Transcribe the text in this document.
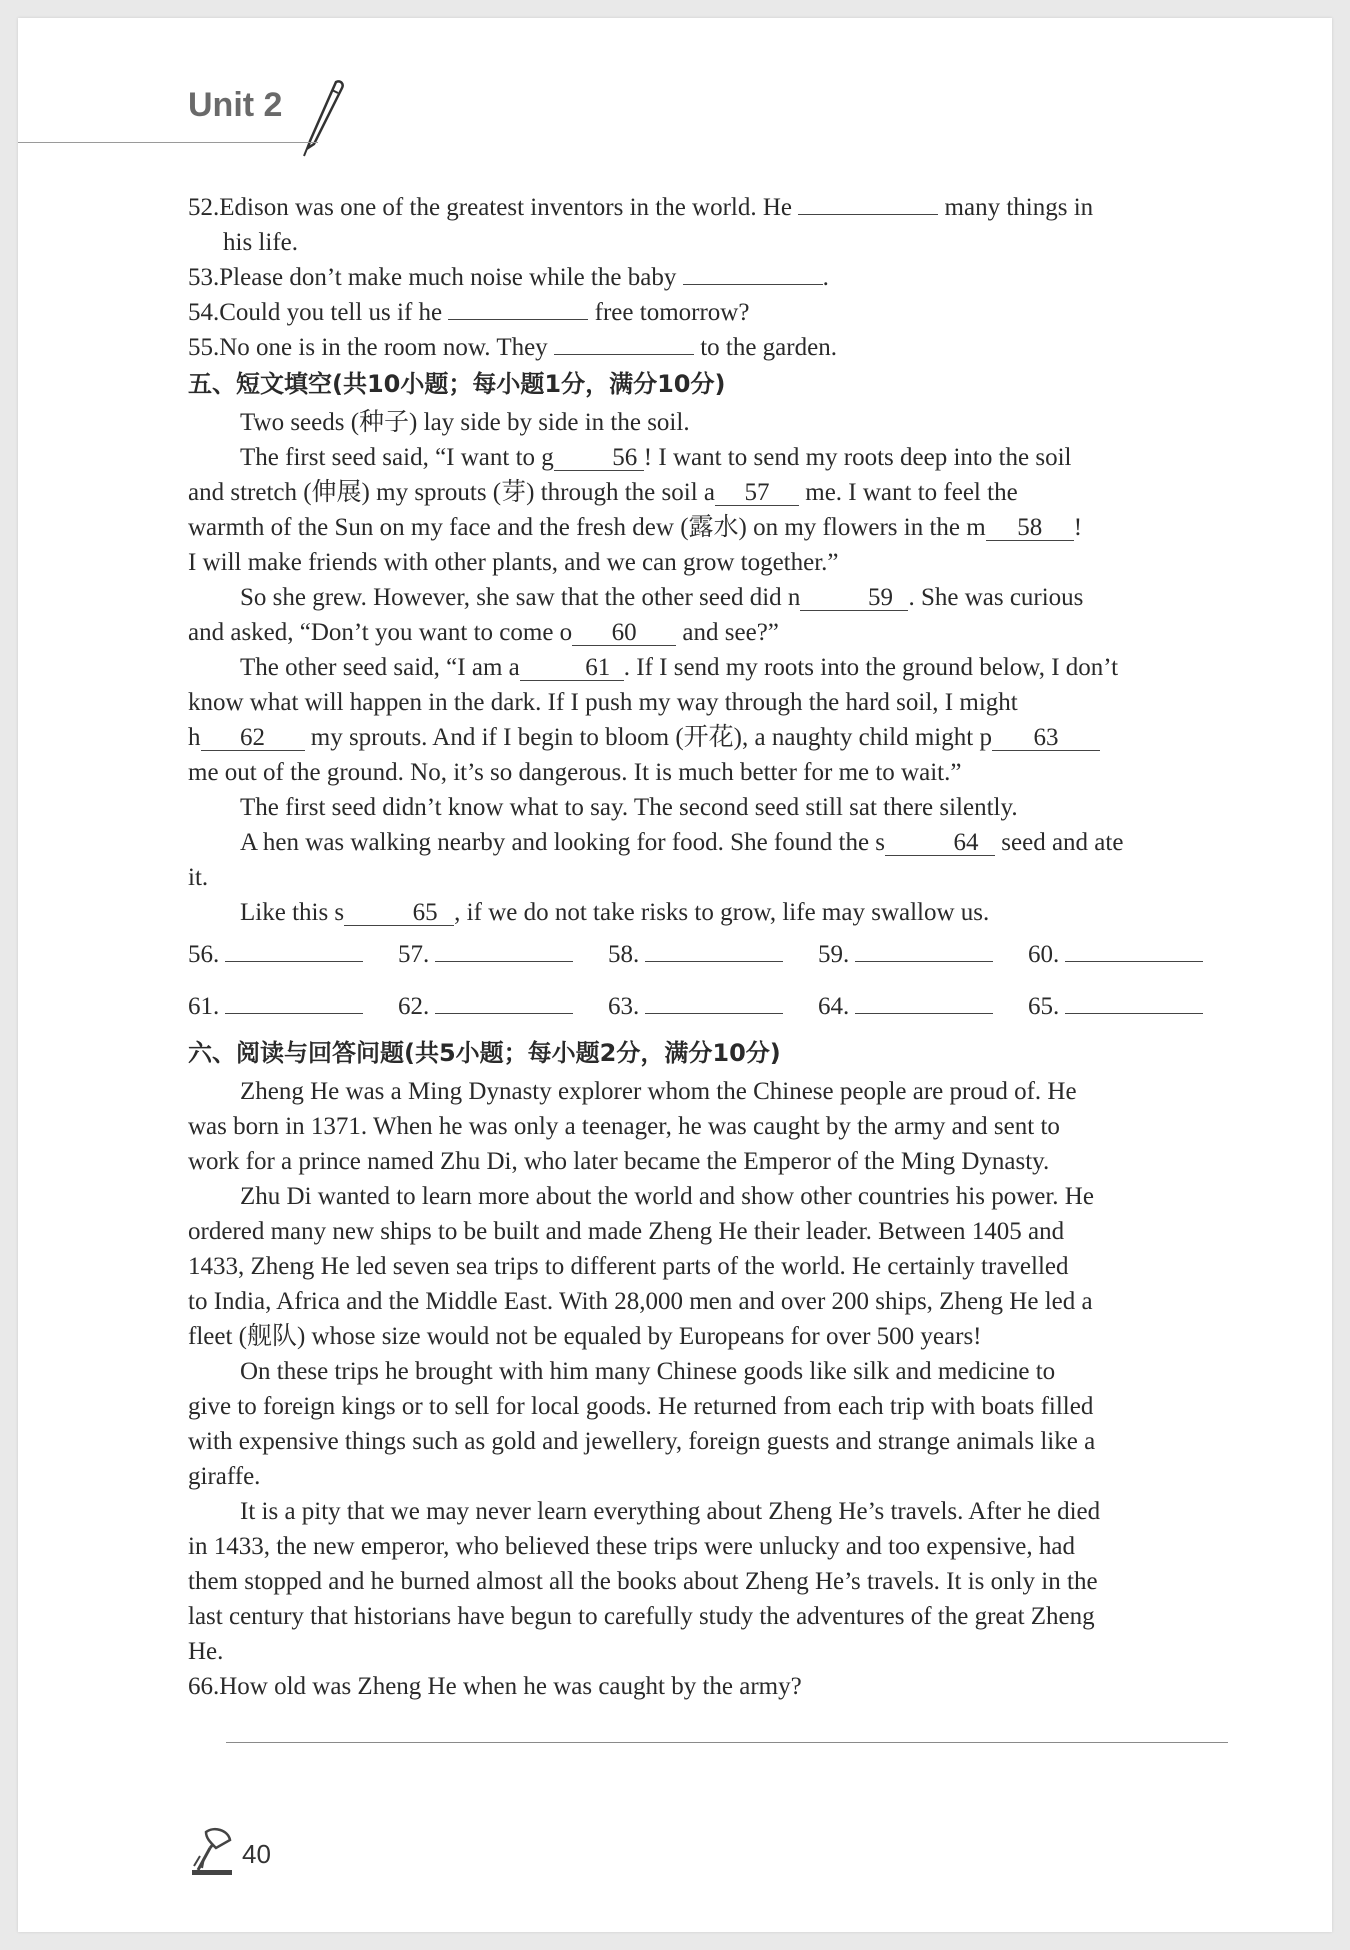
Unit 2
52.Edison was one of the greatest inventors in the world. He	many things in
his life.
53.Please don’t make much noise while the baby	.
54.Could you tell us if he	free tomorrow?
55.No one is in the room now. They	to the garden.
五、短文填空(共10小题；每小题1分，满分10分)
Two seeds (种子) lay side by side in the soil.
The first seed said, “I want to g 56 ! I want to send my roots deep into the soil
and stretch (伸展) my sprouts (芽) through the soil a 57 me. I want to feel the
warmth of the Sun on my face and the fresh dew (露水) on my flowers in the m 58 !
I will make friends with other plants, and we can grow together.”
So she grew. However, she saw that the other seed did n	59 . She was curious
and asked, “Don’t you want to come o 60 and see?”
The other seed said, “I am a	61 . If I send my roots into the ground below, I don’t
know what will happen in the dark. If I push my way through the hard soil, I might
h 62 my sprouts. And if I begin to bloom (开花), a naughty child might p 63
me out of the ground. No, it’s so dangerous. It is much better for me to wait.”
The first seed didn’t know what to say. The second seed still sat there silently.
A hen was walking nearby and looking for food. She found the s	64 seed and ate
it.
Like this s	65 , if we do not take risks to grow, life may swallow us.
56.	57.	58.	59.	60.
61.	62.	63.	64.	65.
六、阅读与回答问题(共5小题；每小题2分，满分10分)
Zheng He was a Ming Dynasty explorer whom the Chinese people are proud of. He
was born in 1371. When he was only a teenager, he was caught by the army and sent to
work for a prince named Zhu Di, who later became the Emperor of the Ming Dynasty.
Zhu Di wanted to learn more about the world and show other countries his power. He
ordered many new ships to be built and made Zheng He their leader. Between 1405 and
1433, Zheng He led seven sea trips to different parts of the world. He certainly travelled
to India, Africa and the Middle East. With 28,000 men and over 200 ships, Zheng He led a
fleet (舰队) whose size would not be equaled by Europeans for over 500 years!
On these trips he brought with him many Chinese goods like silk and medicine to
give to foreign kings or to sell for local goods. He returned from each trip with boats filled
with expensive things such as gold and jewellery, foreign guests and strange animals like a
giraffe.
It is a pity that we may never learn everything about Zheng He’s travels. After he died
in 1433, the new emperor, who believed these trips were unlucky and too expensive, had
them stopped and he burned almost all the books about Zheng He’s travels. It is only in the
last century that historians have begun to carefully study the adventures of the great Zheng
He.
66.How old was Zheng He when he was caught by the army?
40
